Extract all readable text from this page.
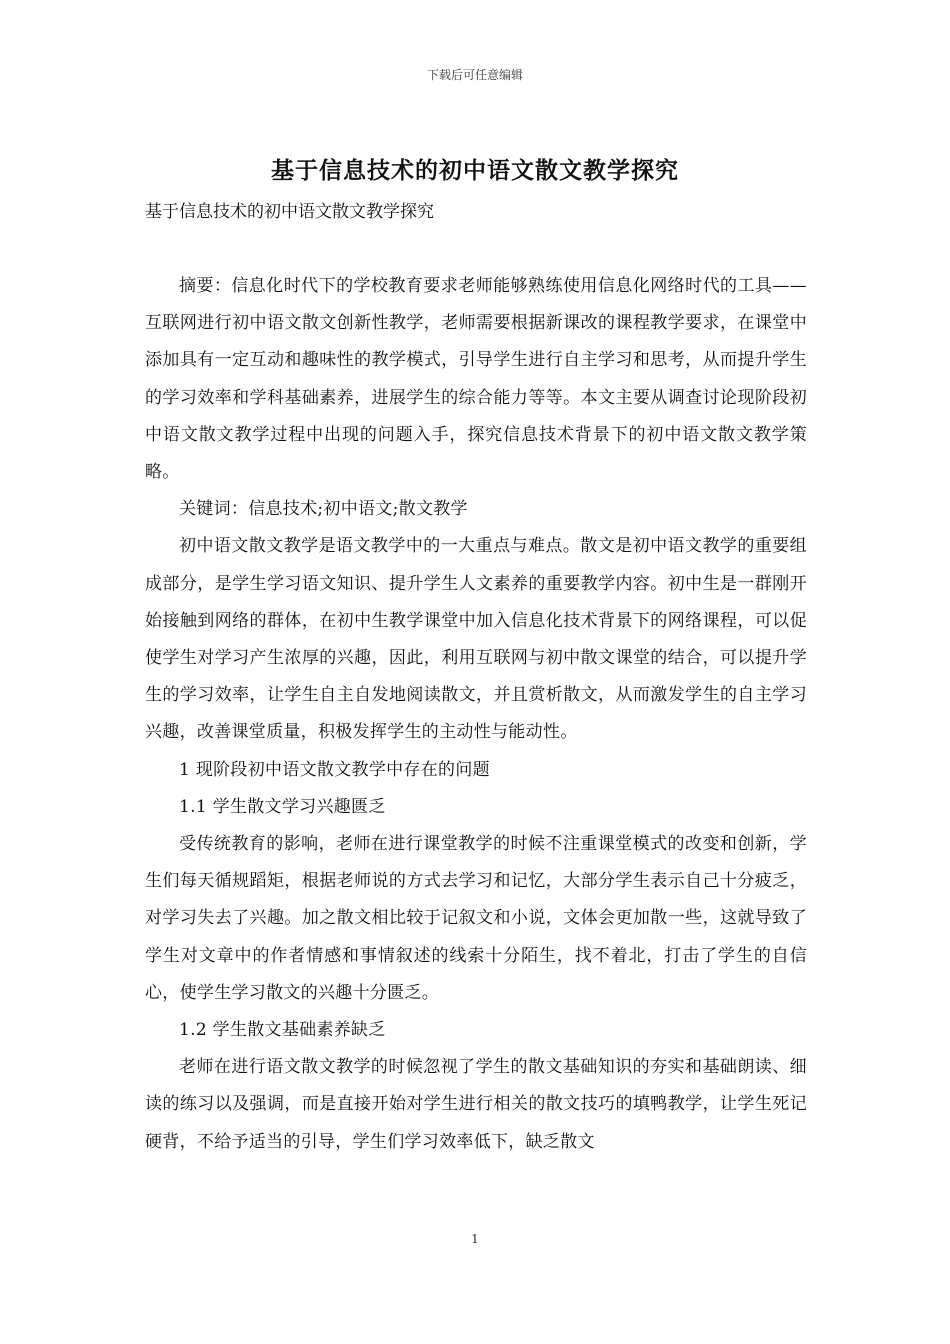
下载后可任意编辑
基于信息技术的初中语文散文教学探究
基于信息技术的初中语文散文教学探究

摘要：信息化时代下的学校教育要求老师能够熟练使用信息化网络时代的工具——互联网进行初中语文散文创新性教学，老师需要根据新课改的课程教学要求，在课堂中添加具有一定互动和趣味性的教学模式，引导学生进行自主学习和思考，从而提升学生的学习效率和学科基础素养，进展学生的综合能力等等。本文主要从调查讨论现阶段初中语文散文教学过程中出现的问题入手，探究信息技术背景下的初中语文散文教学策略。

关键词：信息技术;初中语文;散文教学

初中语文散文教学是语文教学中的一大重点与难点。散文是初中语文教学的重要组成部分，是学生学习语文知识、提升学生人文素养的重要教学内容。初中生是一群刚开始接触到网络的群体，在初中生教学课堂中加入信息化技术背景下的网络课程，可以促使学生对学习产生浓厚的兴趣，因此，利用互联网与初中散文课堂的结合，可以提升学生的学习效率，让学生自主自发地阅读散文，并且赏析散文，从而激发学生的自主学习兴趣，改善课堂质量，积极发挥学生的主动性与能动性。

1 现阶段初中语文散文教学中存在的问题

1.1 学生散文学习兴趣匮乏

受传统教育的影响，老师在进行课堂教学的时候不注重课堂模式的改变和创新，学生们每天循规蹈矩，根据老师说的方式去学习和记忆，大部分学生表示自己十分疲乏，对学习失去了兴趣。加之散文相比较于记叙文和小说，文体会更加散一些，这就导致了学生对文章中的作者情感和事情叙述的线索十分陌生，找不着北，打击了学生的自信心，使学生学习散文的兴趣十分匮乏。

1.2 学生散文基础素养缺乏

老师在进行语文散文教学的时候忽视了学生的散文基础知识的夯实和基础朗读、细读的练习以及强调，而是直接开始对学生进行相关的散文技巧的填鸭教学，让学生死记硬背，不给予适当的引导，学生们学习效率低下，缺乏散文

1
